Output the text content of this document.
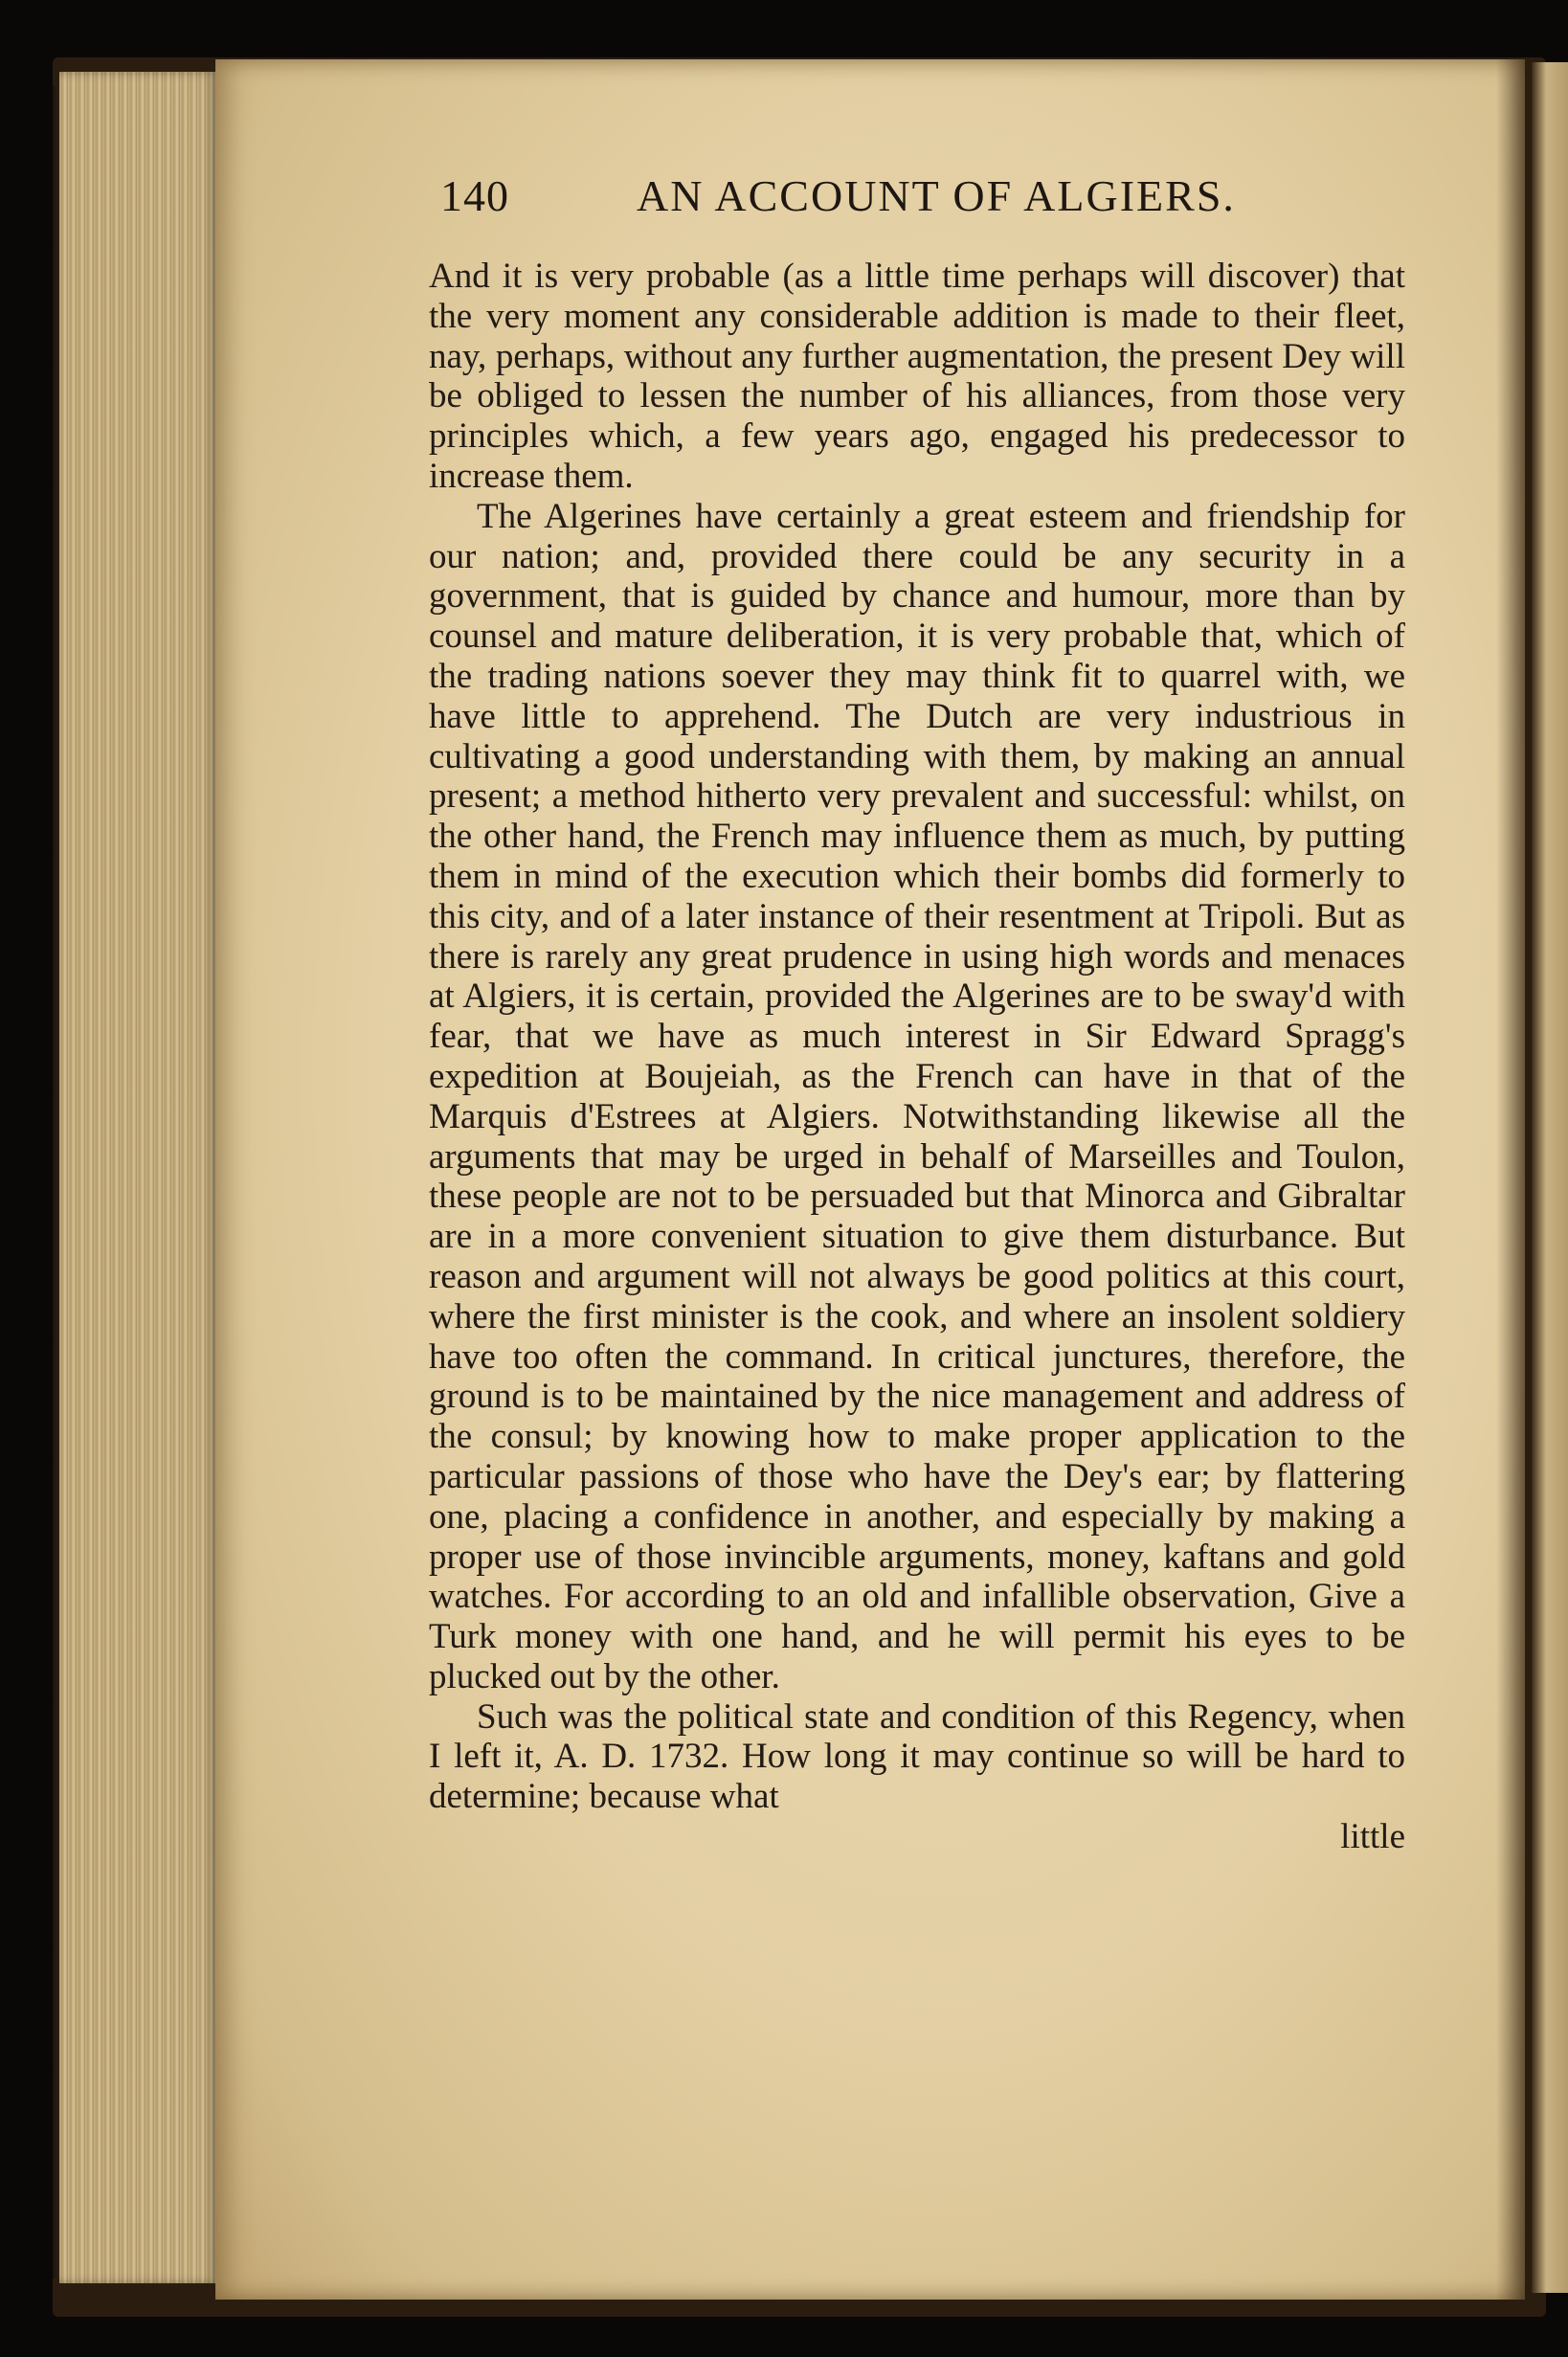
140	AN ACCOUNT OF ALGIERS.

And it is very probable (as a little time perhaps will discover) that the very moment any considerable addition is made to their fleet, nay, perhaps, without any further augmentation, the present Dey will be obliged to lessen the number of his alliances, from those very principles which, a few years ago, engaged his predecessor to increase them.

The Algerines have certainly a great esteem and friendship for our nation; and, provided there could be any security in a government, that is guided by chance and humour, more than by counsel and mature deliberation, it is very probable that, which of the trading nations soever they may think fit to quarrel with, we have little to apprehend. The Dutch are very industrious in cultivating a good understanding with them, by making an annual present; a method hitherto very prevalent and successful: whilst, on the other hand, the French may influence them as much, by putting them in mind of the execution which their bombs did formerly to this city, and of a later instance of their resentment at Tripoli. But as there is rarely any great prudence in using high words and menaces at Algiers, it is certain, provided the Algerines are to be sway'd with fear, that we have as much interest in Sir Edward Spragg's expedition at Boujeiah, as the French can have in that of the Marquis d'Estrees at Algiers. Notwithstanding likewise all the arguments that may be urged in behalf of Marseilles and Toulon, these people are not to be persuaded but that Minorca and Gibraltar are in a more convenient situation to give them disturbance. But reason and argument will not always be good politics at this court, where the first minister is the cook, and where an insolent soldiery have too often the command. In critical junctures, therefore, the ground is to be maintained by the nice management and address of the consul; by knowing how to make proper application to the particular passions of those who have the Dey's ear; by flattering one, placing a confidence in another, and especially by making a proper use of those invincible arguments, money, kaftans and gold watches. For according to an old and infallible observation, Give a Turk money with one hand, and he will permit his eyes to be plucked out by the other.

Such was the political state and condition of this Regency, when I left it, A. D. 1732. How long it may continue so will be hard to determine; because what

little
